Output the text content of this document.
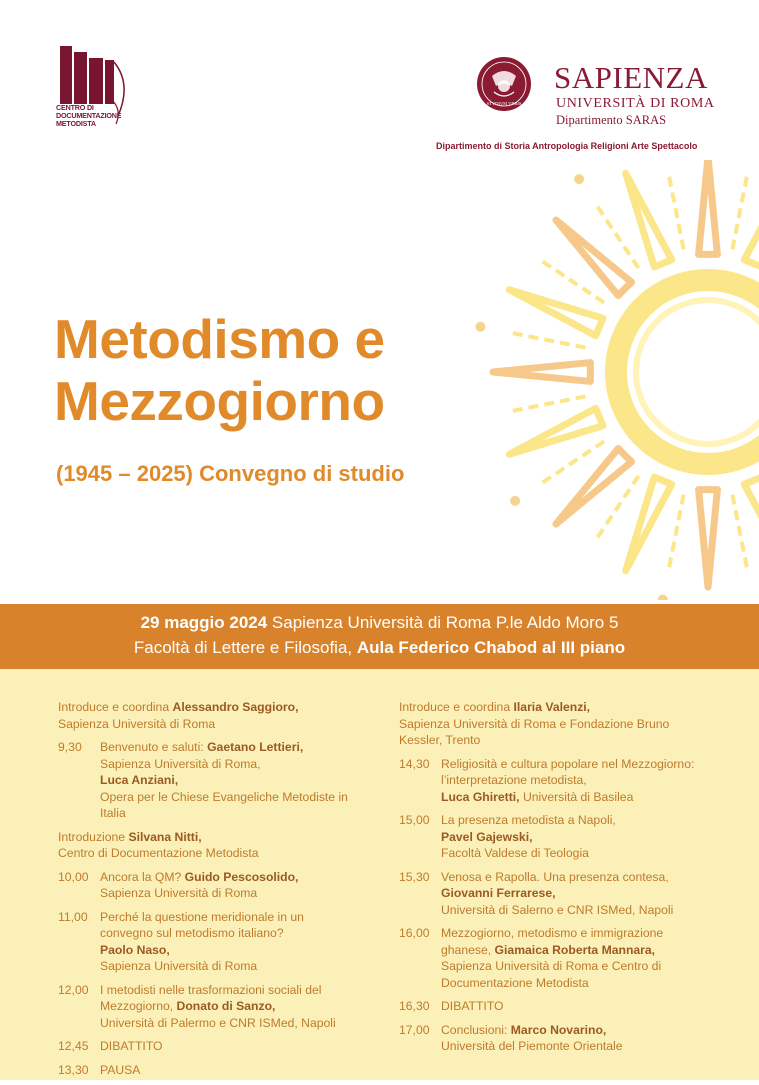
CENTRO DI DOCUMENTAZIONE METODISTA
STVDIVM VRBIS
SAPIENZA
UNIVERSITÀ DI ROMA
Dipartimento SARAS
Dipartimento di Storia Antropologia Religioni Arte Spettacolo
Metodismo e
Mezzogiorno
(1945 – 2025) Convegno di studio
29 maggio 2024 Sapienza Università di Roma P.le Aldo Moro 5
Facoltà di Lettere e Filosofia, Aula Federico Chabod al III piano
Introduce e coordina Alessandro Saggioro,
Sapienza Università di Roma
9,30	Benvenuto e saluti: Gaetano Lettieri,
Sapienza Università di Roma,
Luca Anziani,
Opera per le Chiese Evangeliche Metodiste in Italia
Introduzione Silvana Nitti,
Centro di Documentazione Metodista
10,00 Ancora la QM? Guido Pescosolido,
Sapienza Università di Roma
11,00	Perché la questione meridionale in un convegno sul metodismo italiano?
Paolo Naso,
Sapienza Università di Roma
12,00 I metodisti nelle trasformazioni sociali del Mezzogiorno, Donato di Sanzo,
Università di Palermo e CNR ISMed, Napoli
12,45 DIBATTITO
13,30 PAUSA
Introduce e coordina Ilaria Valenzi,
Sapienza Università di Roma e Fondazione Bruno Kessler, Trento
14,30 Religiosità e cultura popolare nel Mezzogiorno: l’interpretazione metodista,
Luca Ghiretti, Università di Basilea
15,00 La presenza metodista a Napoli,
Pavel Gajewski,
Facoltà Valdese di Teologia
15,30 Venosa e Rapolla. Una presenza contesa,
Giovanni Ferrarese,
Università di Salerno e CNR ISMed, Napoli
16,00 Mezzogiorno, metodismo e immigrazione ghanese, Giamaica Roberta Mannara,
Sapienza Università di Roma e Centro di Documentazione Metodista
16,30 DIBATTITO
17,00 Conclusioni: Marco Novarino,
Università del Piemonte Orientale
